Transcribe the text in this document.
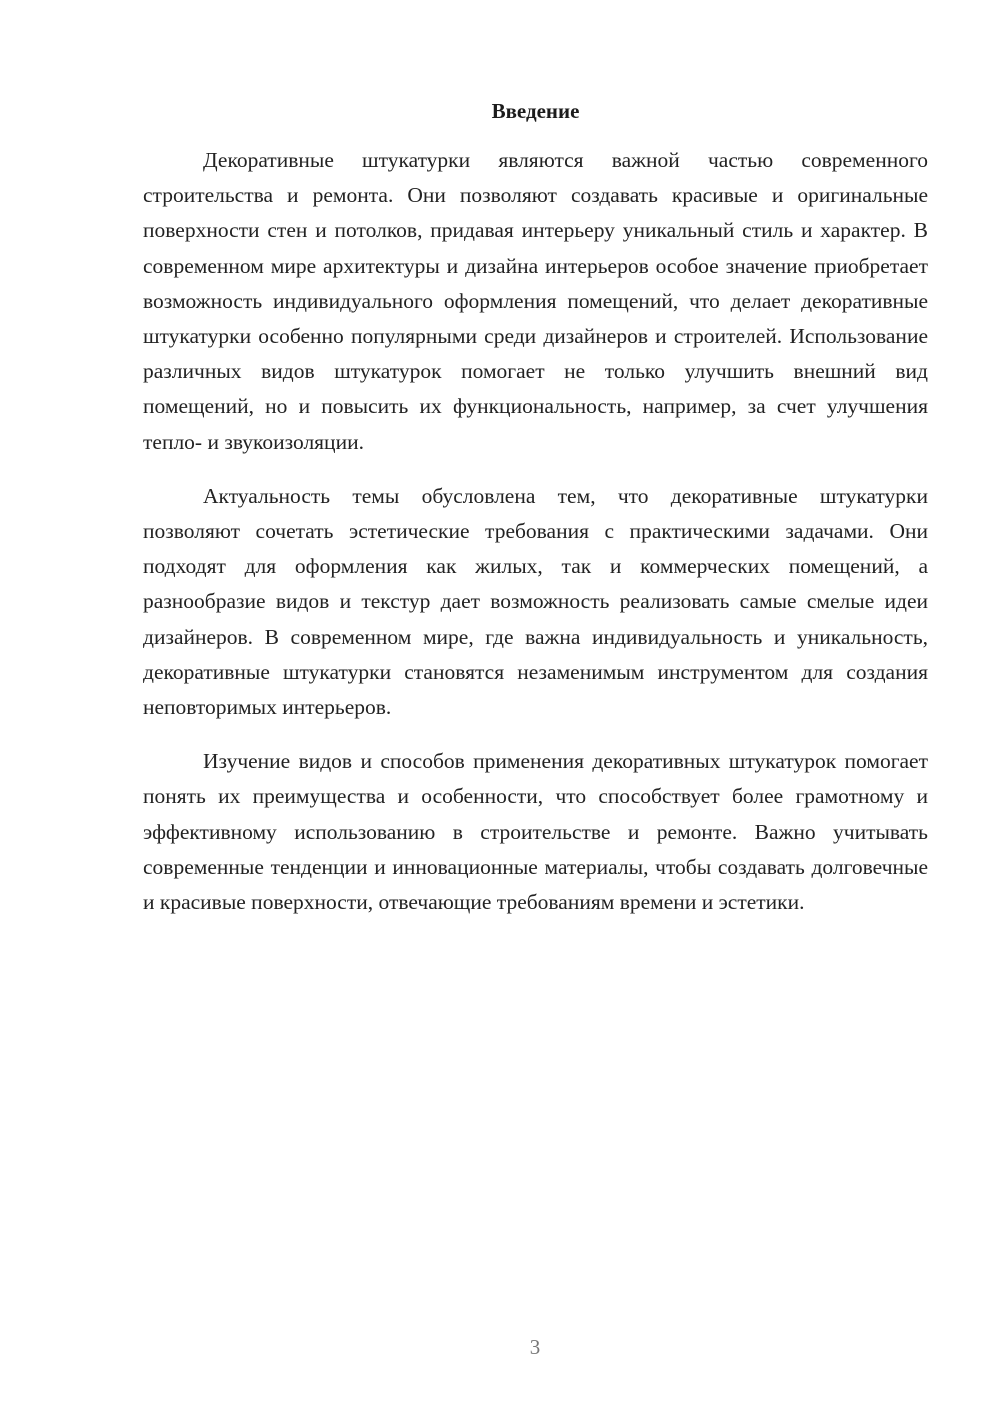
Введение

Декоративные штукатурки являются важной частью современного строительства и ремонта. Они позволяют создавать красивые и оригинальные поверхности стен и потолков, придавая интерьеру уникальный стиль и характер. В современном мире архитектуры и дизайна интерьеров особое значение приобретает возможность индивидуального оформления помещений, что делает декоративные штукатурки особенно популярными среди дизайнеров и строителей. Использование различных видов штукатурок помогает не только улучшить внешний вид помещений, но и повысить их функциональность, например, за счет улучшения тепло- и звукоизоляции.

Актуальность темы обусловлена тем, что декоративные штукатурки позволяют сочетать эстетические требования с практическими задачами. Они подходят для оформления как жилых, так и коммерческих помещений, а разнообразие видов и текстур дает возможность реализовать самые смелые идеи дизайнеров. В современном мире, где важна индивидуальность и уникальность, декоративные штукатурки становятся незаменимым инструментом для создания неповторимых интерьеров.

Изучение видов и способов применения декоративных штукатурок помогает понять их преимущества и особенности, что способствует более грамотному и эффективному использованию в строительстве и ремонте. Важно учитывать современные тенденции и инновационные материалы, чтобы создавать долговечные и красивые поверхности, отвечающие требованиям времени и эстетики.

3
